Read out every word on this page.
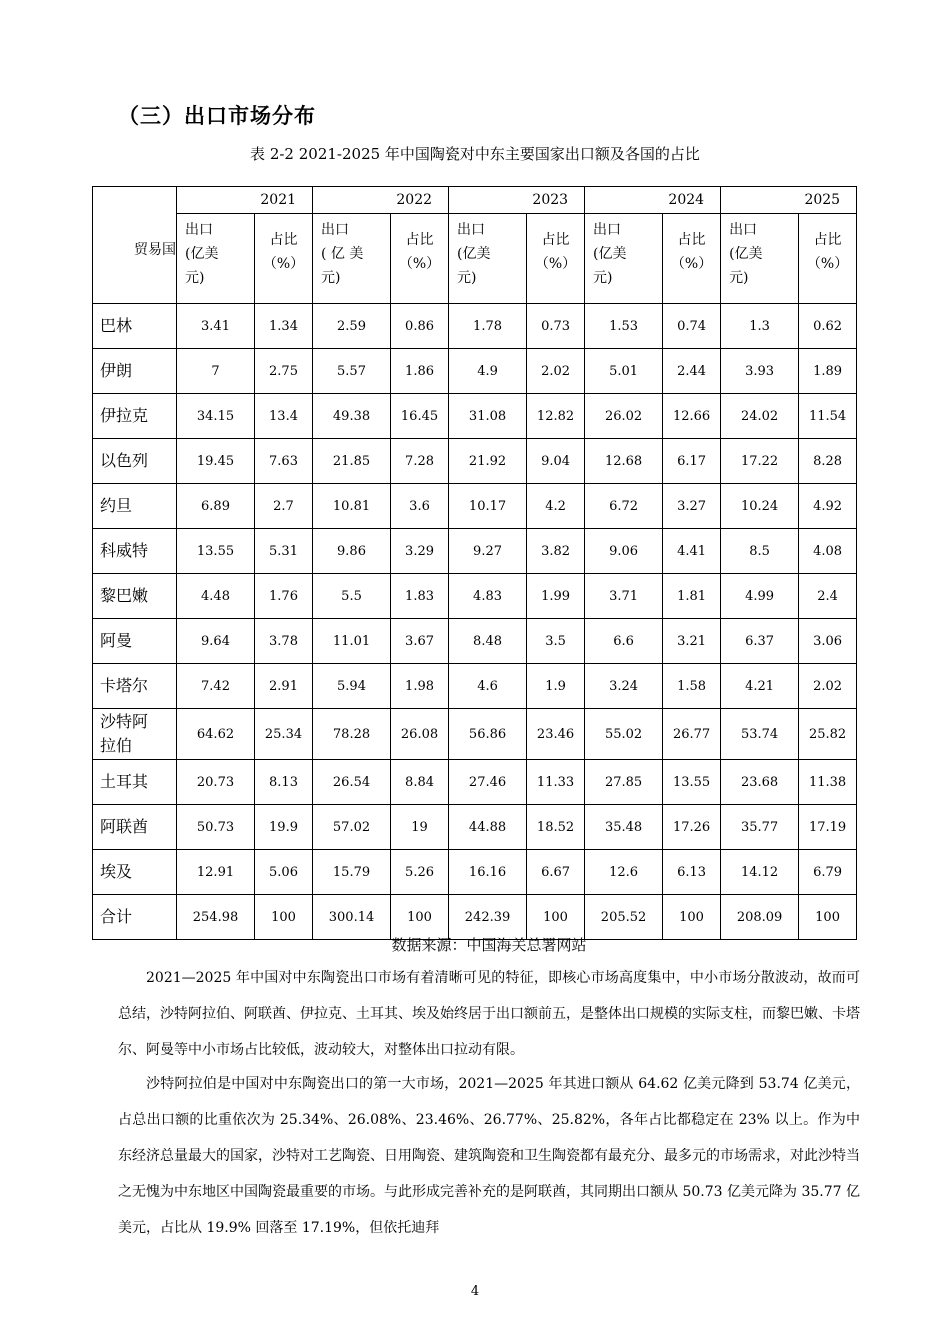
（三）出口市场分布
表 2-2 2021-2025 年中国陶瓷对中东主要国家出口额及各国的占比
贸易国	2021		2022		2023		2024		2025	
	出口
(亿美
元)	占比
（%）	出口
( 亿 美
元)	占比
（%）	出口
(亿美
元)	占比
（%）	出口
(亿美
元)	占比
（%）	出口
(亿美
元)	占比
（%）
巴林	3.41	1.34	2.59	0.86	1.78	0.73	1.53	0.74	1.3	0.62
伊朗	7	2.75	5.57	1.86	4.9	2.02	5.01	2.44	3.93	1.89
伊拉克	34.15	13.4	49.38	16.45	31.08	12.82	26.02	12.66	24.02	11.54
以色列	19.45	7.63	21.85	7.28	21.92	9.04	12.68	6.17	17.22	8.28
约旦	6.89	2.7	10.81	3.6	10.17	4.2	6.72	3.27	10.24	4.92
科威特	13.55	5.31	9.86	3.29	9.27	3.82	9.06	4.41	8.5	4.08
黎巴嫩	4.48	1.76	5.5	1.83	4.83	1.99	3.71	1.81	4.99	2.4
阿曼	9.64	3.78	11.01	3.67	8.48	3.5	6.6	3.21	6.37	3.06
卡塔尔	7.42	2.91	5.94	1.98	4.6	1.9	3.24	1.58	4.21	2.02
沙特阿
拉伯	64.62	25.34	78.28	26.08	56.86	23.46	55.02	26.77	53.74	25.82
土耳其	20.73	8.13	26.54	8.84	27.46	11.33	27.85	13.55	23.68	11.38
阿联酋	50.73	19.9	57.02	19	44.88	18.52	35.48	17.26	35.77	17.19
埃及	12.91	5.06	15.79	5.26	16.16	6.67	12.6	6.13	14.12	6.79
合计	254.98	100	300.14	100	242.39	100	205.52	100	208.09	100
数据来源：中国海关总署网站
2021—2025 年中国对中东陶瓷出口市场有着清晰可见的特征，即核心市场高度集中，中小市场分散波动，故而可总结，沙特阿拉伯、阿联酋、伊拉克、土耳其、埃及始终居于出口额前五，是整体出口规模的实际支柱，而黎巴嫩、卡塔尔、阿曼等中小市场占比较低，波动较大，对整体出口拉动有限。
沙特阿拉伯是中国对中东陶瓷出口的第一大市场，2021—2025 年其进口额从 64.62 亿美元降到 53.74 亿美元，占总出口额的比重依次为 25.34%、26.08%、23.46%、26.77%、25.82%，各年占比都稳定在 23% 以上。作为中东经济总量最大的国家，沙特对工艺陶瓷、日用陶瓷、建筑陶瓷和卫生陶瓷都有最充分、最多元的市场需求，对此沙特当之无愧为中东地区中国陶瓷最重要的市场。与此形成完善补充的是阿联酋，其同期出口额从 50.73 亿美元降为 35.77 亿美元，占比从 19.9% 回落至 17.19%，但依托迪拜
4
